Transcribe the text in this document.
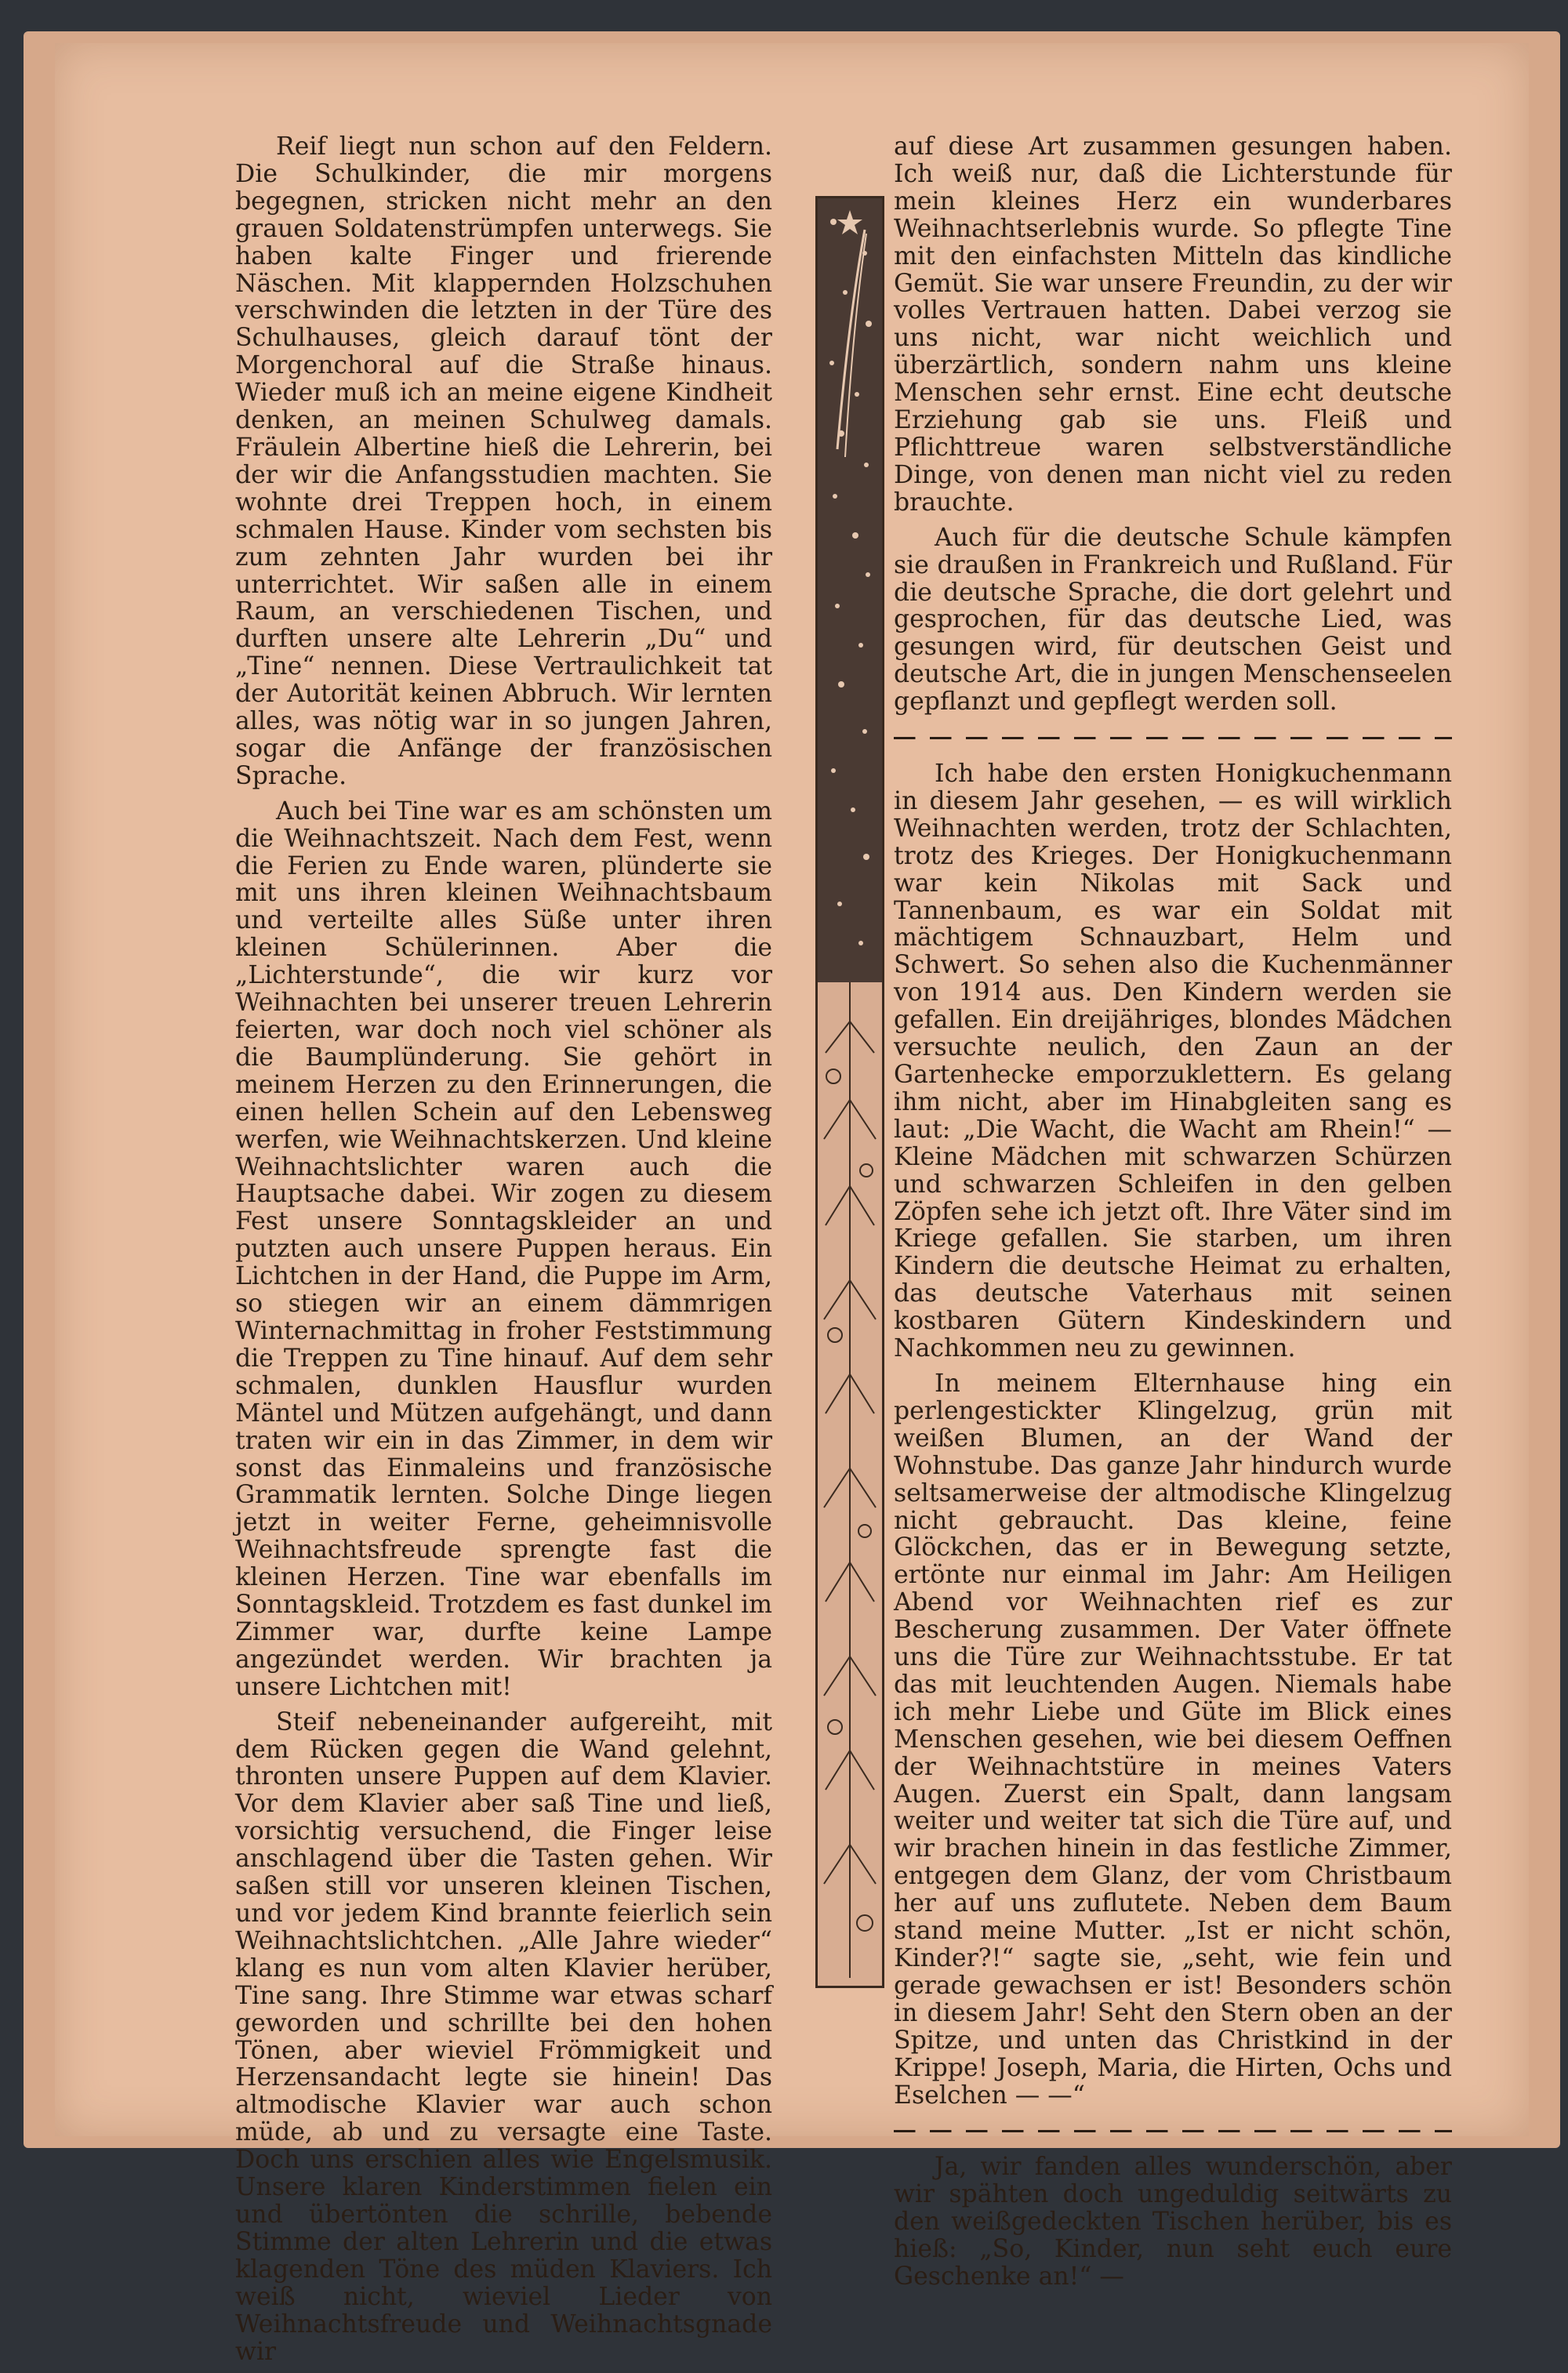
Reif liegt nun schon auf den Feldern. Die Schulkinder, die mir morgens begegnen, stricken nicht mehr an den grauen Soldatenstrümpfen unterwegs. Sie haben kalte Finger und frierende Näschen. Mit klappernden Holzschuhen verschwinden die letzten in der Türe des Schulhauses, gleich darauf tönt der Morgenchoral auf die Straße hinaus. Wieder muß ich an meine eigene Kindheit denken, an meinen Schulweg damals. Fräulein Albertine hieß die Lehrerin, bei der wir die Anfangsstudien machten. Sie wohnte drei Treppen hoch, in einem schmalen Hause. Kinder vom sechsten bis zum zehnten Jahr wurden bei ihr unterrichtet. Wir saßen alle in einem Raum, an verschiedenen Tischen, und durften unsere alte Lehrerin „Du“ und „Tine“ nennen. Diese Vertraulichkeit tat der Autorität keinen Abbruch. Wir lernten alles, was nötig war in so jungen Jahren, sogar die Anfänge der französischen Sprache.

Auch bei Tine war es am schönsten um die Weihnachtszeit. Nach dem Fest, wenn die Ferien zu Ende waren, plünderte sie mit uns ihren kleinen Weihnachtsbaum und verteilte alles Süße unter ihren kleinen Schülerinnen. Aber die „Lichterstunde“, die wir kurz vor Weihnachten bei unserer treuen Lehrerin feierten, war doch noch viel schöner als die Baumplünderung. Sie gehört in meinem Herzen zu den Erinnerungen, die einen hellen Schein auf den Lebensweg werfen, wie Weihnachtskerzen. Und kleine Weihnachtslichter waren auch die Hauptsache dabei. Wir zogen zu diesem Fest unsere Sonntagskleider an und putzten auch unsere Puppen heraus. Ein Lichtchen in der Hand, die Puppe im Arm, so stiegen wir an einem dämmrigen Winternachmittag in froher Feststimmung die Treppen zu Tine hinauf. Auf dem sehr schmalen, dunklen Hausflur wurden Mäntel und Mützen aufgehängt, und dann traten wir ein in das Zimmer, in dem wir sonst das Einmaleins und französische Grammatik lernten. Solche Dinge liegen jetzt in weiter Ferne, geheimnisvolle Weihnachtsfreude sprengte fast die kleinen Herzen. Tine war ebenfalls im Sonntagskleid. Trotzdem es fast dunkel im Zimmer war, durfte keine Lampe angezündet werden. Wir brachten ja unsere Lichtchen mit!

Steif nebeneinander aufgereiht, mit dem Rücken gegen die Wand gelehnt, thronten unsere Puppen auf dem Klavier. Vor dem Klavier aber saß Tine und ließ, vorsichtig versuchend, die Finger leise anschlagend über die Tasten gehen. Wir saßen still vor unseren kleinen Tischen, und vor jedem Kind brannte feierlich sein Weihnachtslichtchen. „Alle Jahre wieder“ klang es nun vom alten Klavier herüber, Tine sang. Ihre Stimme war etwas scharf geworden und schrillte bei den hohen Tönen, aber wieviel Frömmigkeit und Herzensandacht legte sie hinein! Das altmodische Klavier war auch schon müde, ab und zu versagte eine Taste. Doch uns erschien alles wie Engelsmusik. Unsere klaren Kinderstimmen fielen ein und übertönten die schrille, bebende Stimme der alten Lehrerin und die etwas klagenden Töne des müden Klaviers. Ich weiß nicht, wieviel Lieder von Weihnachtsfreude und Weihnachtsgnade wir

auf diese Art zusammen gesungen haben. Ich weiß nur, daß die Lichterstunde für mein kleines Herz ein wunderbares Weihnachtserlebnis wurde. So pflegte Tine mit den einfachsten Mitteln das kindliche Gemüt. Sie war unsere Freundin, zu der wir volles Vertrauen hatten. Dabei verzog sie uns nicht, war nicht weichlich und überzärtlich, sondern nahm uns kleine Menschen sehr ernst. Eine echt deutsche Erziehung gab sie uns. Fleiß und Pflichttreue waren selbstverständliche Dinge, von denen man nicht viel zu reden brauchte.

Auch für die deutsche Schule kämpfen sie draußen in Frankreich und Rußland. Für die deutsche Sprache, die dort gelehrt und gesprochen, für das deutsche Lied, was gesungen wird, für deutschen Geist und deutsche Art, die in jungen Menschenseelen gepflanzt und gepflegt werden soll.

Ich habe den ersten Honigkuchenmann in diesem Jahr gesehen, — es will wirklich Weihnachten werden, trotz der Schlachten, trotz des Krieges. Der Honigkuchenmann war kein Nikolas mit Sack und Tannenbaum, es war ein Soldat mit mächtigem Schnauzbart, Helm und Schwert. So sehen also die Kuchenmänner von 1914 aus. Den Kindern werden sie gefallen. Ein dreijähriges, blondes Mädchen versuchte neulich, den Zaun an der Gartenhecke emporzuklettern. Es gelang ihm nicht, aber im Hinabgleiten sang es laut: „Die Wacht, die Wacht am Rhein!“ — Kleine Mädchen mit schwarzen Schürzen und schwarzen Schleifen in den gelben Zöpfen sehe ich jetzt oft. Ihre Väter sind im Kriege gefallen. Sie starben, um ihren Kindern die deutsche Heimat zu erhalten, das deutsche Vaterhaus mit seinen kostbaren Gütern Kindeskindern und Nachkommen neu zu gewinnen.

In meinem Elternhause hing ein perlengestickter Klingelzug, grün mit weißen Blumen, an der Wand der Wohnstube. Das ganze Jahr hindurch wurde seltsamerweise der altmodische Klingelzug nicht gebraucht. Das kleine, feine Glöckchen, das er in Bewegung setzte, ertönte nur einmal im Jahr: Am Heiligen Abend vor Weihnachten rief es zur Bescherung zusammen. Der Vater öffnete uns die Türe zur Weihnachtsstube. Er tat das mit leuchtenden Augen. Niemals habe ich mehr Liebe und Güte im Blick eines Menschen gesehen, wie bei diesem Oeffnen der Weihnachtstüre in meines Vaters Augen. Zuerst ein Spalt, dann langsam weiter und weiter tat sich die Türe auf, und wir brachen hinein in das festliche Zimmer, entgegen dem Glanz, der vom Christbaum her auf uns zuflutete. Neben dem Baum stand meine Mutter. „Ist er nicht schön, Kinder?!“ sagte sie, „seht, wie fein und gerade gewachsen er ist! Besonders schön in diesem Jahr! Seht den Stern oben an der Spitze, und unten das Christkind in der Krippe! Joseph, Maria, die Hirten, Ochs und Eselchen — —“

Ja, wir fanden alles wunderschön, aber wir spähten doch ungeduldig seitwärts zu den weißgedeckten Tischen herüber, bis es hieß: „So, Kinder, nun seht euch eure Geschenke an!“ —
